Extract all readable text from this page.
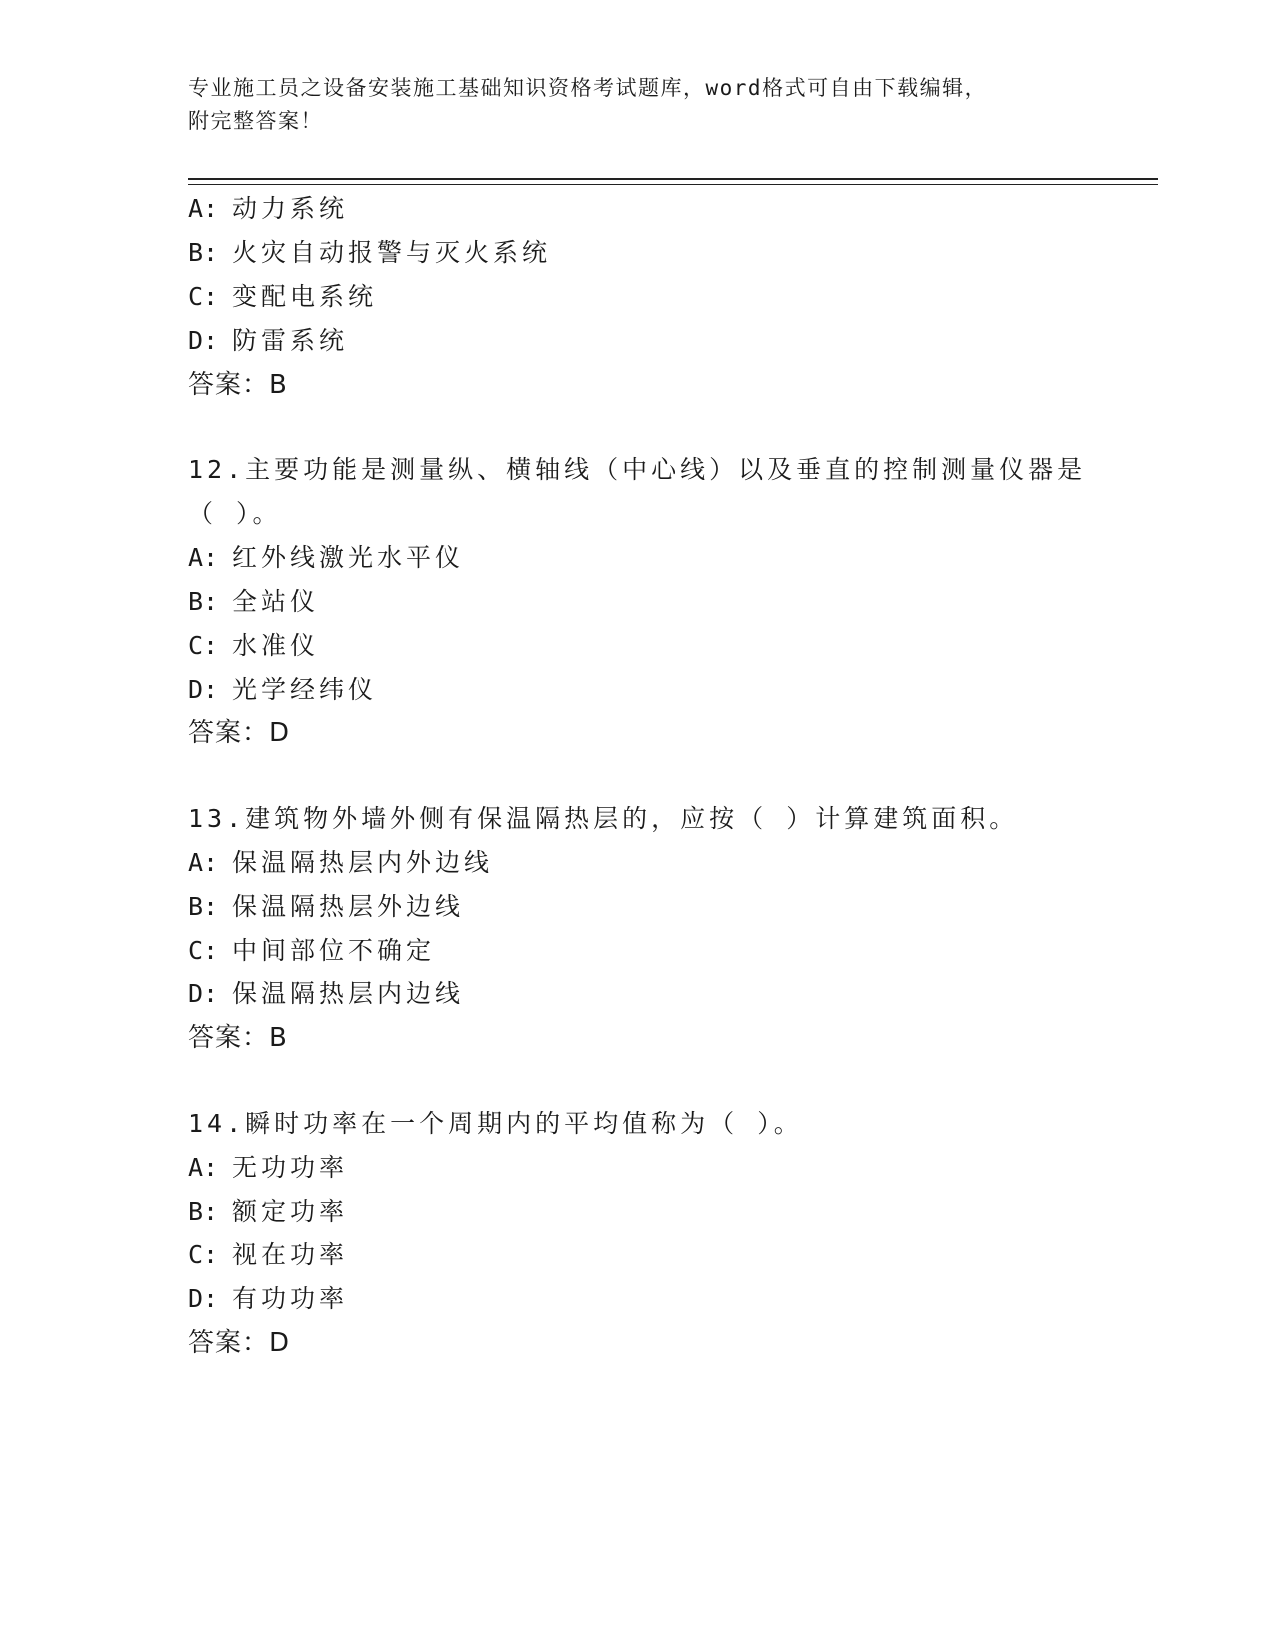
专业施工员之设备安装施工基础知识资格考试题库，word格式可自由下载编辑，
附完整答案！
A: 动力系统
B: 火灾自动报警与灭火系统
C: 变配电系统
D: 防雷系统
答案：B
12.主要功能是测量纵、横轴线（中心线）以及垂直的控制测量仪器是
（ ）。
A: 红外线激光水平仪
B: 全站仪
C: 水准仪
D: 光学经纬仪
答案：D
13.建筑物外墙外侧有保温隔热层的，应按（ ）计算建筑面积。
A: 保温隔热层内外边线
B: 保温隔热层外边线
C: 中间部位不确定
D: 保温隔热层内边线
答案：B
14.瞬时功率在一个周期内的平均值称为（ ）。
A: 无功功率
B: 额定功率
C: 视在功率
D: 有功功率
答案：D
